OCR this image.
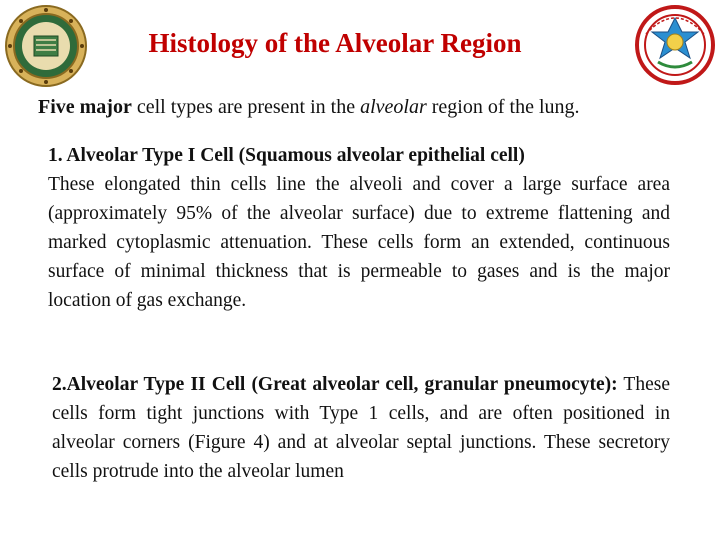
Histology of the Alveolar Region
Five major cell types are present in the alveolar region of the lung.
1. Alveolar Type I Cell (Squamous alveolar epithelial cell)
These elongated thin cells line the alveoli and cover a large surface area (approximately 95% of the alveolar surface) due to extreme flattening and marked cytoplasmic attenuation. These cells form an extended, continuous surface of minimal thickness that is permeable to gases and is the major location of gas exchange.
2.Alveolar Type II Cell (Great alveolar cell, granular pneumocyte): These cells form tight junctions with Type 1 cells, and are often positioned in alveolar corners (Figure 4) and at alveolar septal junctions. These secretory cells protrude into the alveolar lumen
